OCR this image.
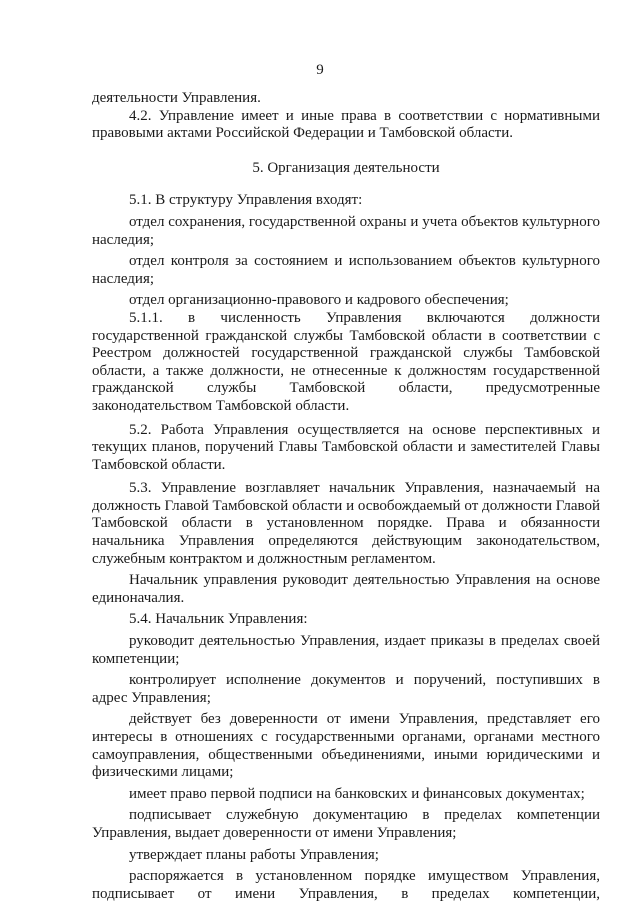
9

деятельности Управления.

4.2. Управление имеет и иные права в соответствии с нормативными правовыми актами Российской Федерации и Тамбовской области.

5. Организация деятельности

5.1. В структуру Управления входят:

отдел сохранения, государственной охраны и учета объектов культурного наследия;

отдел контроля за состоянием и использованием объектов культурного наследия;

отдел организационно-правового и кадрового обеспечения;

5.1.1. в численность Управления включаются должности государственной гражданской службы Тамбовской области в соответствии с Реестром должностей государственной гражданской службы Тамбовской области, а также должности, не отнесенные к должностям государственной гражданской службы Тамбовской области, предусмотренные законодательством Тамбовской области.

5.2. Работа Управления осуществляется на основе перспективных и текущих планов, поручений Главы Тамбовской области и заместителей Главы Тамбовской области.

5.3. Управление возглавляет начальник Управления, назначаемый на должность Главой Тамбовской области и освобождаемый от должности Главой Тамбовской области в установленном порядке. Права и обязанности начальника Управления определяются действующим законодательством, служебным контрактом и должностным регламентом.

Начальник управления руководит деятельностью Управления на основе единоначалия.

5.4. Начальник Управления:

руководит деятельностью Управления, издает приказы в пределах своей компетенции;

контролирует исполнение документов и поручений, поступивших в адрес Управления;

действует без доверенности от имени Управления, представляет его интересы в отношениях с государственными органами, органами местного самоуправления, общественными объединениями, иными юридическими и физическими лицами;

имеет право первой подписи на банковских и финансовых документах;

подписывает служебную документацию в пределах компетенции Управления, выдает доверенности от имени Управления;

утверждает планы работы Управления;

распоряжается в установленном порядке имуществом Управления, подписывает от имени Управления, в пределах компетенции,
